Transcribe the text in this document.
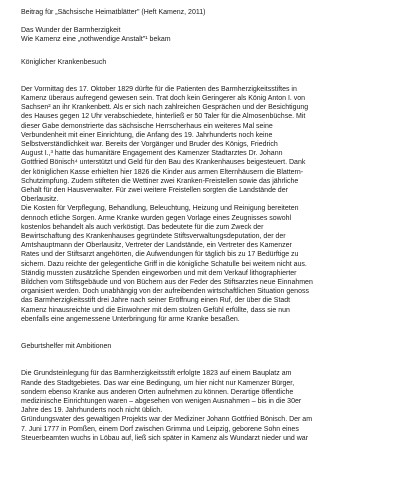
Beitrag für „Sächsische Heimatblätter" (Heft Kamenz, 2011)

Das Wunder der Barmherzigkeit

Wie Kamenz eine „nothwendige Anstalt"¹ bekam

Königlicher Krankenbesuch

Der Vormittag des 17. Oktober 1829 dürfte für die Patienten des Barmherzigkeitsstiftes in
Kamenz überaus aufregend gewesen sein. Trat doch kein Geringerer als König Anton I. von
Sachsen² an ihr Krankenbett. Als er sich nach zahlreichen Gesprächen und der Besichtigung
des Hauses gegen 12 Uhr verabschiedete, hinterließ er 50 Taler für die Almosenbüchse. Mit
dieser Gabe demonstrierte das sächsische Herrscherhaus ein weiteres Mal seine
Verbundenheit mit einer Einrichtung, die Anfang des 19. Jahrhunderts noch keine
Selbstverständlichkeit war. Bereits der Vorgänger und Bruder des Königs, Friedrich
August I.,³ hatte das humanitäre Engagement des Kamenzer Stadtarztes Dr. Johann
Gottfried Bönisch⁴ unterstützt und Geld für den Bau des Krankenhauses beigesteuert. Dank
der königlichen Kasse erhielten hier 1826 die Kinder aus armen Elternhäusern die Blattern-
Schutzimpfung. Zudem stifteten die Wettiner zwei Kranken-Freistellen sowie das jährliche
Gehalt für den Hausverwalter. Für zwei weitere Freistellen sorgten die Landstände der
Oberlausitz.
Die Kosten für Verpflegung, Behandlung, Beleuchtung, Heizung und Reinigung bereiteten
dennoch etliche Sorgen. Arme Kranke wurden gegen Vorlage eines Zeugnisses sowohl
kostenlos behandelt als auch verköstigt. Das bedeutete für die zum Zweck der
Bewirtschaftung des Krankenhauses gegründete Stiftsverwaltungsdeputation, der der
Amtshauptmann der Oberlausitz, Vertreter der Landstände, ein Vertreter des Kamenzer
Rates und der Stiftsarzt angehörten, die Aufwendungen für täglich bis zu 17 Bedürftige zu
sichern. Dazu reichte der gelegentliche Griff in die königliche Schatulle bei weitem nicht aus.
Ständig mussten zusätzliche Spenden eingeworben und mit dem Verkauf lithographierter
Bildchen vom Stiftsgebäude und von Büchern aus der Feder des Stiftsarztes neue Einnahmen
organisiert werden. Doch unabhängig von der aufreibenden wirtschaftlichen Situation genoss
das Barmherzigkeitsstift drei Jahre nach seiner Eröffnung einen Ruf, der über die Stadt
Kamenz hinausreichte und die Einwohner mit dem stolzen Gefühl erfüllte, dass sie nun
ebenfalls eine angemessene Unterbringung für arme Kranke besaßen.

Geburtshelfer mit Ambitionen

Die Grundsteinlegung für das Barmherzigkeitsstift erfolgte 1823 auf einem Bauplatz am
Rande des Stadtgebietes. Das war eine Bedingung, um hier nicht nur Kamenzer Bürger,
sondern ebenso Kranke aus anderen Orten aufnehmen zu können. Derartige öffentliche
medizinische Einrichtungen waren – abgesehen von wenigen Ausnahmen – bis in die 30er
Jahre des 19. Jahrhunderts noch nicht üblich.
Gründungsvater des gewaltigen Projekts war der Mediziner Johann Gottfried Bönisch. Der am
7. Juni 1777 in Pomßen, einem Dorf zwischen Grimma und Leipzig, geborene Sohn eines
Steuerbeamten wuchs in Löbau auf, ließ sich später in Kamenz als Wundarzt nieder und war
